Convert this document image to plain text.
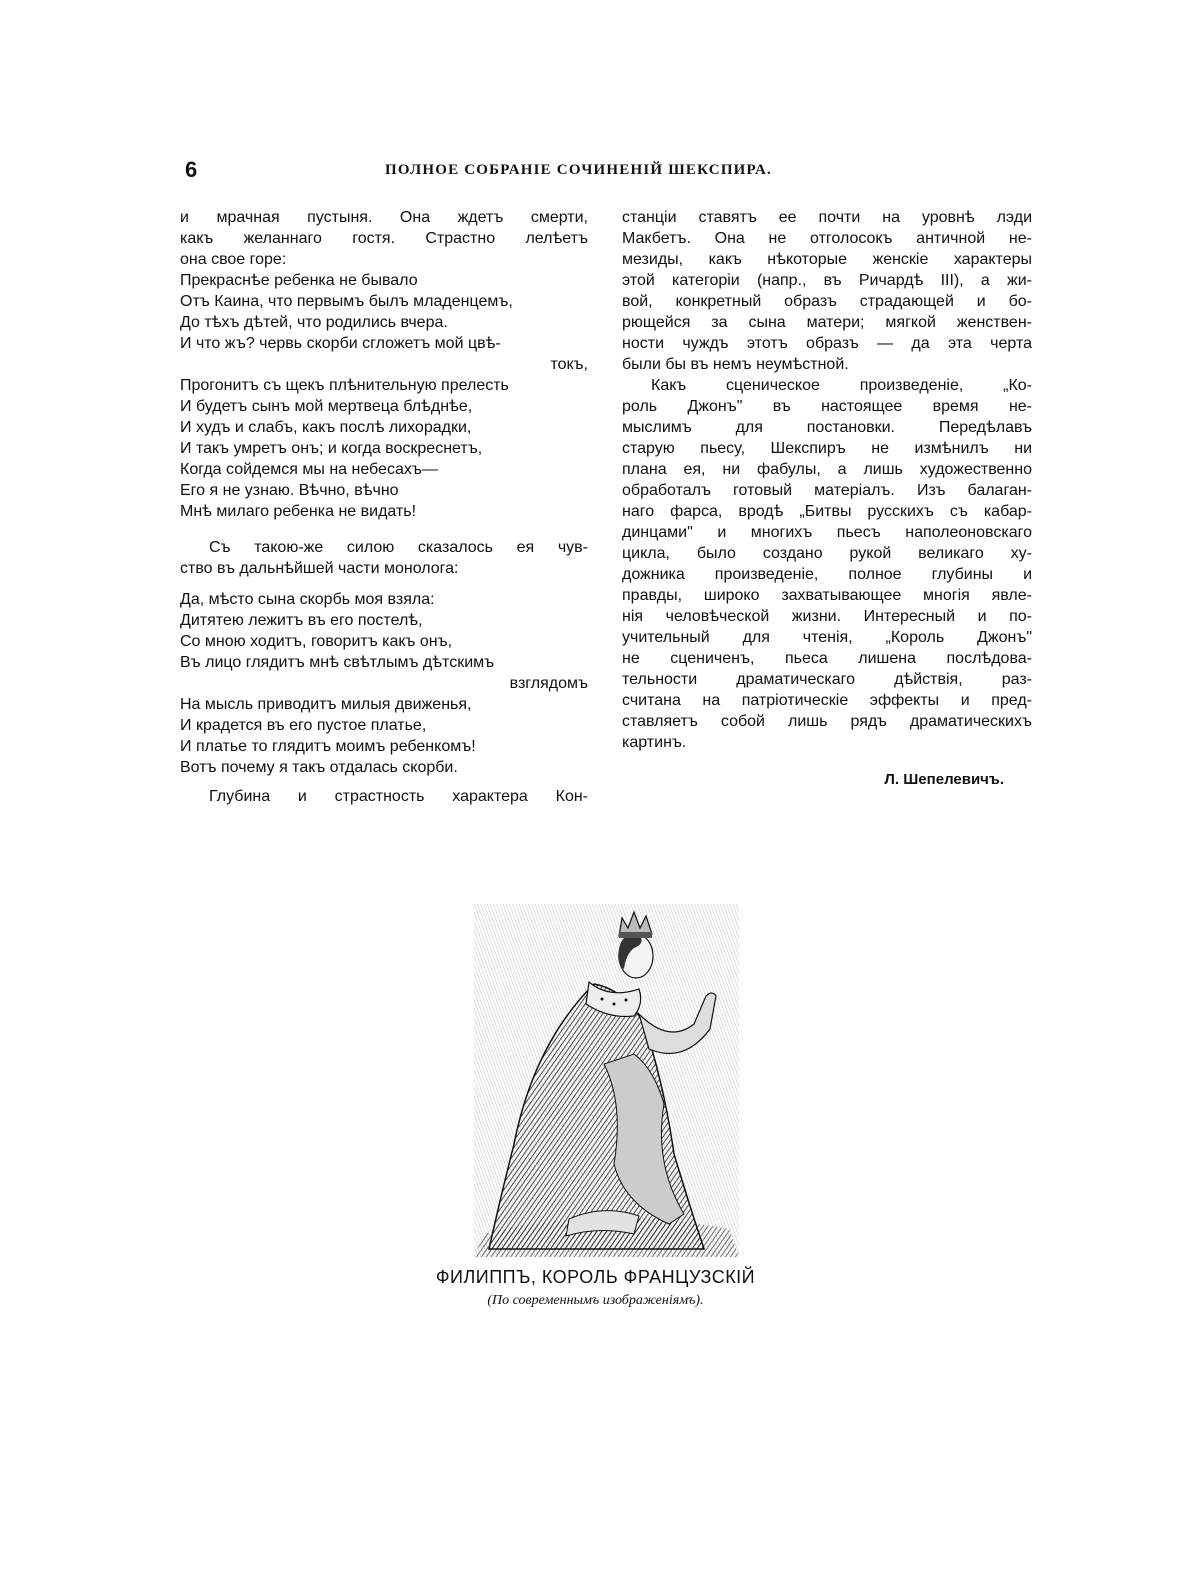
6	ПОЛНОЕ СОБРАНІЕ СОЧИНЕНІЙ ШЕКСПИРА.
и мрачная пустыня. Она ждетъ смерти,
какъ желаннаго гостя. Страстно лелѣетъ
она свое горе:
Прекраснѣе ребенка не бывало
Отъ Каина, что первымъ былъ младенцемъ,
До тѣхъ дѣтей, что родились вчера.
И что жъ? червь скорби сгложетъ мой цвѣ-
токъ,
Прогонитъ съ щекъ плѣнительную прелесть
И будетъ сынъ мой мертвеца блѣднѣе,
И худъ и слабъ, какъ послѣ лихорадки,
И такъ умретъ онъ; и когда воскреснетъ,
Когда сойдемся мы на небесахъ—
Его я не узнаю. Вѣчно, вѣчно
Мнѣ милаго ребенка не видать!
Съ такою-же силою сказалось ея чув-
ство въ дальнѣйшей части монолога:
Да, мѣсто сына скорбь моя взяла:
Дитятею лежитъ въ его постелѣ,
Со мною ходитъ, говоритъ какъ онъ,
Въ лицо глядитъ мнѣ свѣтлымъ дѣтскимъ
взглядомъ
На мысль приводитъ милыя движенья,
И крадется въ его пустое платье,
И платье то глядитъ моимъ ребенкомъ!
Вотъ почему я такъ отдалась скорби.
Глубина и страстность характера Кон-
станціи ставятъ ее почти на уровнѣ лэди
Макбетъ. Она не отголосокъ античной не-
мезиды, какъ нѣкоторые женскіе характеры
этой категоріи (напр., въ Ричардѣ III), а жи-
вой, конкретный образъ страдающей и бо-
рющейся за сына матери; мягкой женствен-
ности чуждъ этотъ образъ — да эта черта
были бы въ немъ неумѣстной.
Какъ сценическое произведеніе, „Ко-
роль Джонъ" въ настоящее время не-
мыслимъ для постановки. Передѣлавъ
старую пьесу, Шекспиръ не измѣнилъ ни
плана ея, ни фабулы, а лишь художественно
обработалъ готовый матеріалъ. Изъ балаган-
наго фарса, вродѣ „Битвы русскихъ съ кабар-
динцами" и многихъ пьесъ наполеоновскаго
цикла, было создано рукой великаго ху-
дожника произведеніе, полное глубины и
правды, широко захватывающее многія явле-
нія человѣческой жизни. Интересный и по-
учительный для чтенія, „Король Джонъ"
не сцениченъ, пьеса лишена послѣдова-
тельности драматическаго дѣйствія, раз-
считана на патріотическіе эффекты и пред-
ставляетъ собой лишь рядъ драматическихъ
картинъ.
Л. Шепелевичъ.
ФИЛИППЪ, КОРОЛЬ ФРАНЦУЗСКІЙ
(По современнымъ изображеніямъ).
